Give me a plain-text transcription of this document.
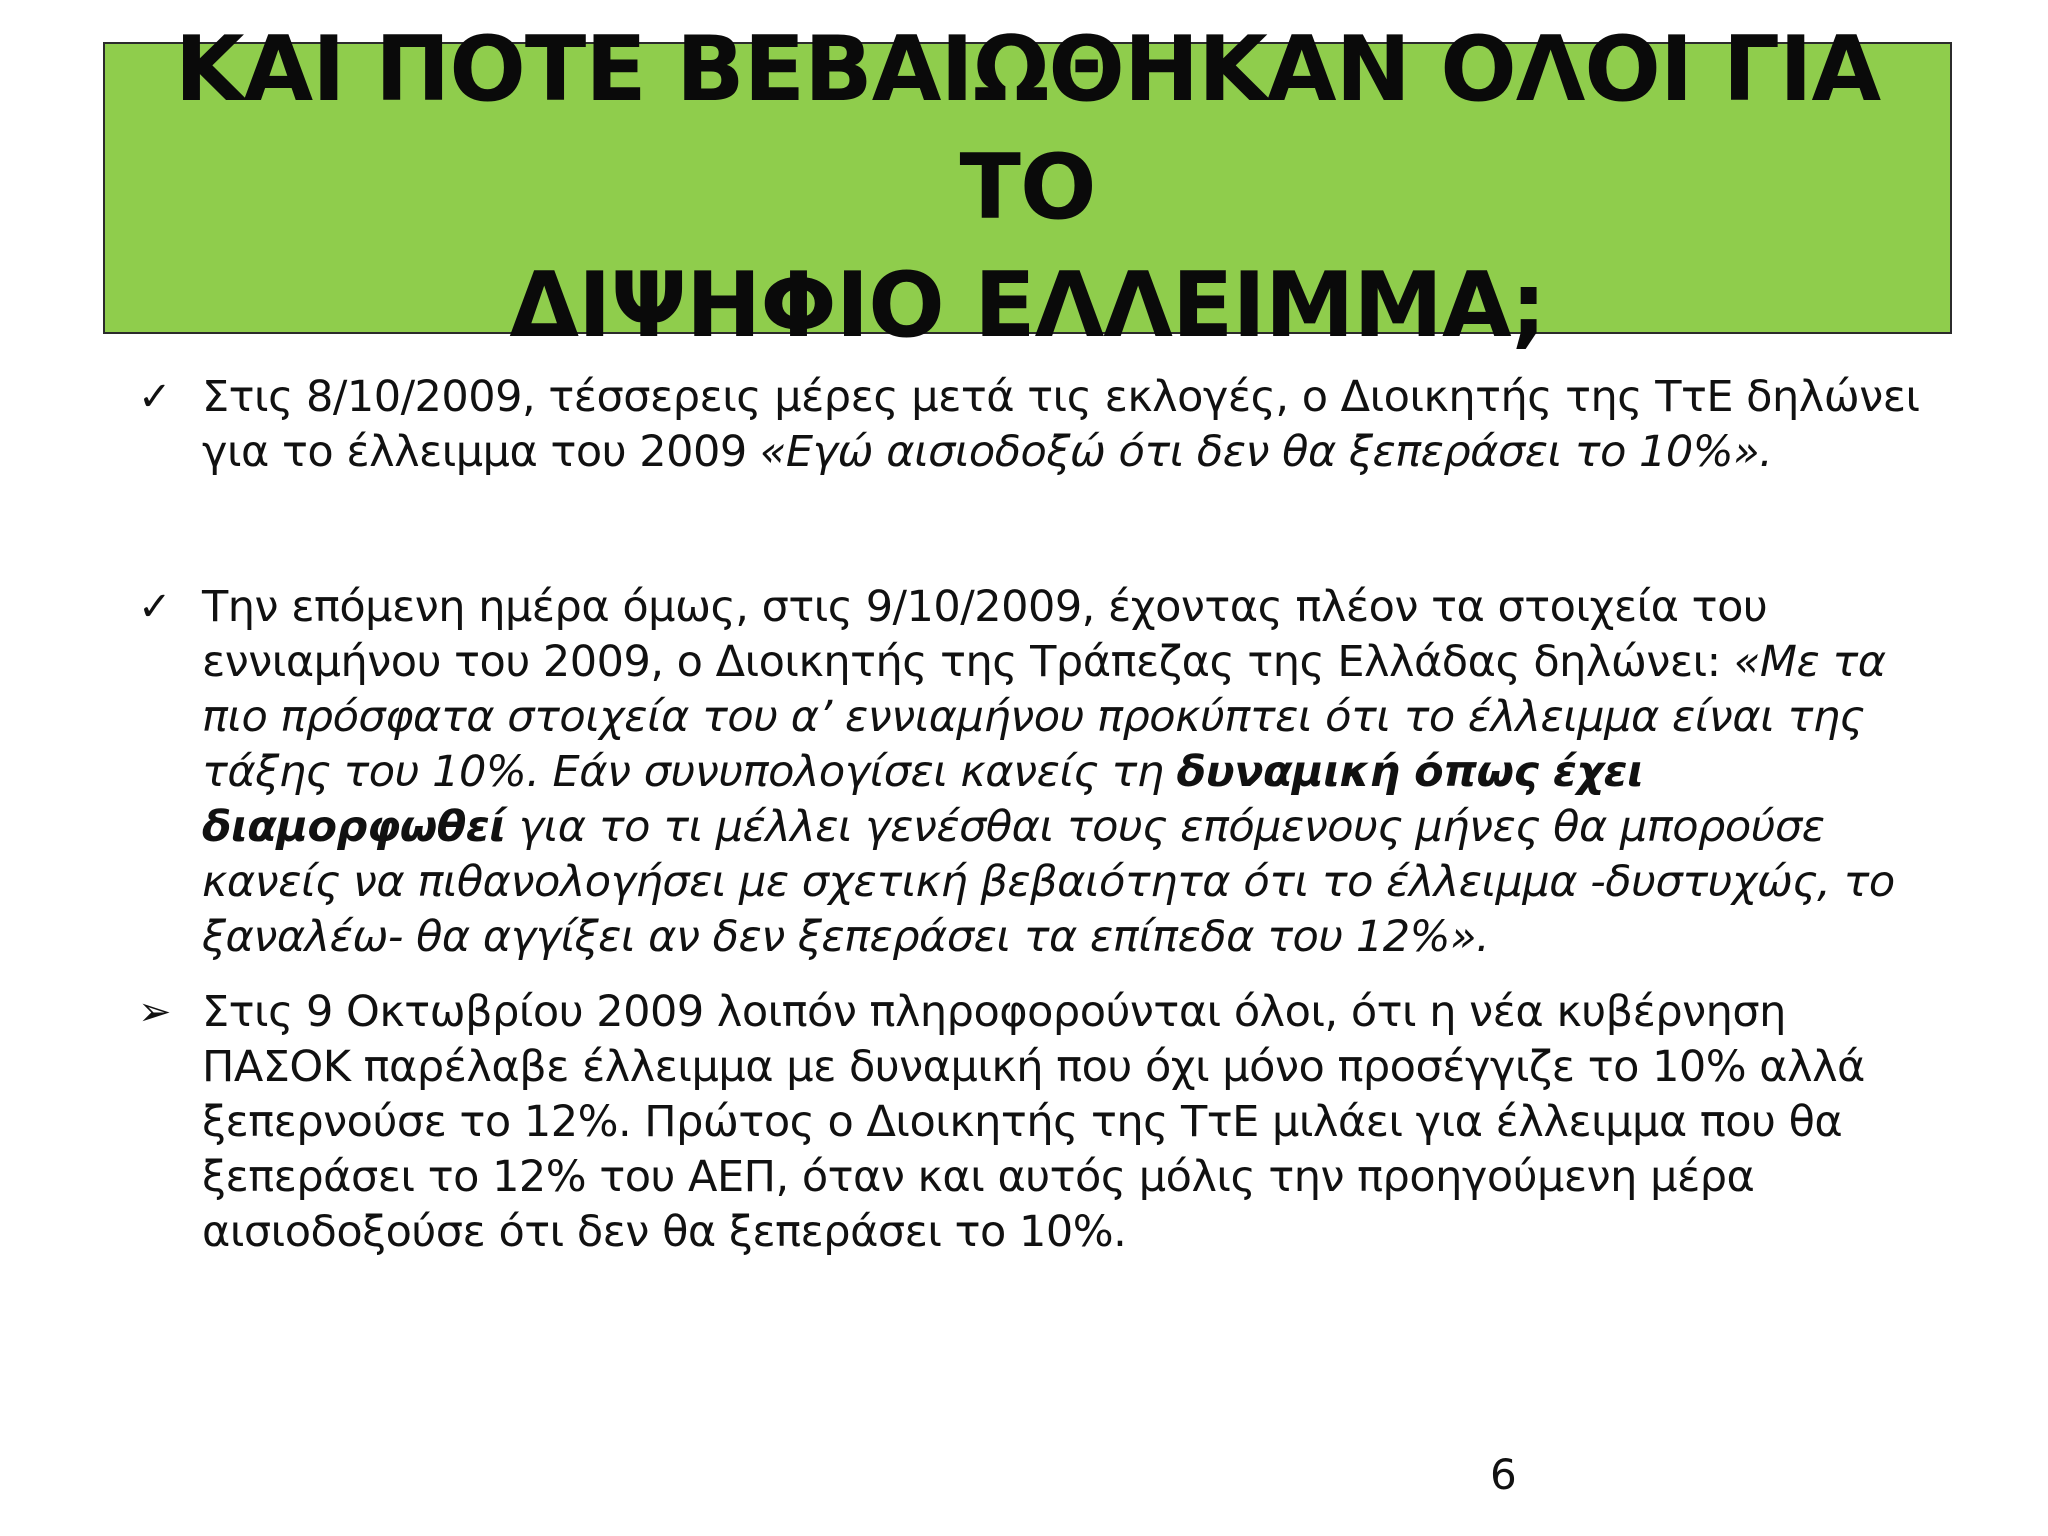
ΚΑΙ ΠΟΤΕ ΒΕΒΑΙΩΘΗΚΑΝ ΟΛΟΙ ΓΙΑ ΤΟ
ΔΙΨΗΦΙΟ ΕΛΛΕΙΜΜΑ;
✓ Στις 8/10/2009, τέσσερεις μέρες μετά τις εκλογές, ο Διοικητής της ΤτΕ δηλώνει για το έλλειμμα του 2009 «Εγώ αισιοδοξώ ότι δεν θα ξεπεράσει το 10%».

✓ Την επόμενη ημέρα όμως, στις 9/10/2009, έχοντας πλέον τα στοιχεία του εννιαμήνου του 2009, ο Διοικητής της Τράπεζας της Ελλάδας δηλώνει: «Με τα πιο πρόσφατα στοιχεία του α’ εννιαμήνου προκύπτει ότι το έλλειμμα είναι της τάξης του 10%. Εάν συνυπολογίσει κανείς τη δυναμική όπως έχει διαμορφωθεί για το τι μέλλει γενέσθαι τους επόμενους μήνες θα μπορούσε κανείς να πιθανολογήσει με σχετική βεβαιότητα ότι το έλλειμμα -δυστυχώς, το ξαναλέω- θα αγγίξει αν δεν ξεπεράσει τα επίπεδα του 12%».

➢ Στις 9 Οκτωβρίου 2009 λοιπόν πληροφορούνται όλοι, ότι η νέα κυβέρνηση ΠΑΣΟΚ παρέλαβε έλλειμμα με δυναμική που όχι μόνο προσέγγιζε το 10% αλλά ξεπερνούσε το 12%. Πρώτος ο Διοικητής της ΤτΕ μιλάει για έλλειμμα που θα ξεπεράσει το 12% του ΑΕΠ, όταν και αυτός μόλις την προηγούμενη μέρα αισιοδοξούσε ότι δεν θα ξεπεράσει το 10%.

6
